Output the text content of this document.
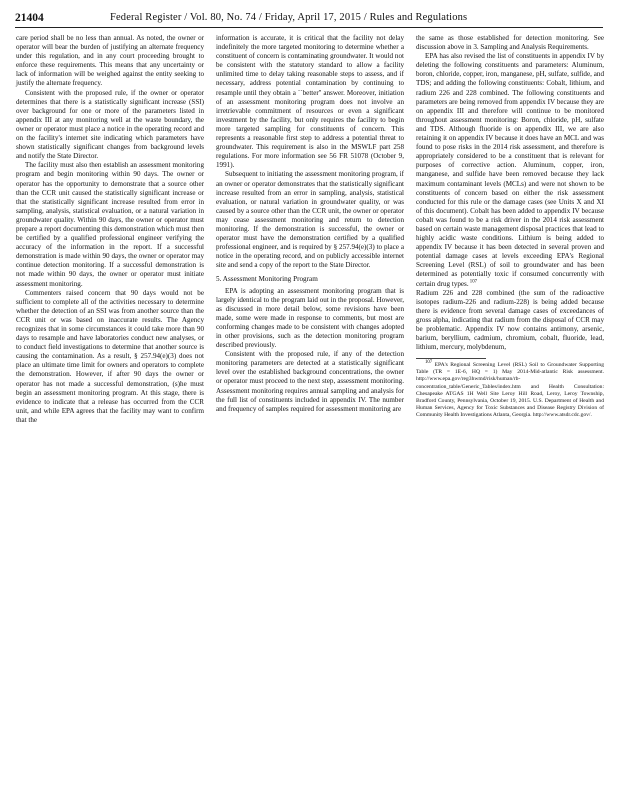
21404	Federal Register / Vol. 80, No. 74 / Friday, April 17, 2015 / Rules and Regulations

care period shall be no less than annual. As noted, the owner or operator will bear the burden of justifying an alternate frequency under this regulation, and in any court proceeding brought to enforce these requirements. This means that any uncertainty or lack of information will be weighed against the entity seeking to justify the alternate frequency.

Consistent with the proposed rule, if the owner or operator determines that there is a statistically significant increase (SSI) over background for one or more of the parameters listed in appendix III at any monitoring well at the waste boundary, the owner or operator must place a notice in the operating record and on the facility's internet site indicating which parameters have shown statistically significant changes from background levels and notify the State Director.

The facility must also then establish an assessment monitoring program and begin monitoring within 90 days. The owner or operator has the opportunity to demonstrate that a source other than the CCR unit caused the statistically significant increase or that the statistically significant increase resulted from error in sampling, analysis, statistical evaluation, or a natural variation in groundwater quality. Within 90 days, the owner or operator must prepare a report documenting this demonstration which must then be certified by a qualified professional engineer verifying the accuracy of the information in the report. If a successful demonstration is made within 90 days, the owner or operator may continue detection monitoring. If a successful demonstration is not made within 90 days, the owner or operator must initiate assessment monitoring.

Commenters raised concern that 90 days would not be sufficient to complete all of the activities necessary to determine whether the detection of an SSI was from another source than the CCR unit or was based on inaccurate results. The Agency recognizes that in some circumstances it could take more than 90 days to resample and have laboratories conduct new analyses, or to conduct field investigations to determine that another source is causing the contamination. As a result, § 257.94(e)(3) does not place an ultimate time limit for owners and operators to complete the demonstration. However, if after 90 days the owner or operator has not made a successful demonstration, (s)he must begin an assessment monitoring program. At this stage, there is evidence to indicate that a release has occurred from the CCR unit, and while EPA agrees that the facility may want to confirm that the

information is accurate, it is critical that the facility not delay indefinitely the more targeted monitoring to determine whether a constituent of concern is contaminating groundwater. It would not be consistent with the statutory standard to allow a facility unlimited time to delay taking reasonable steps to assess, and if necessary, address potential contamination by continuing to resample until they obtain a ``better'' answer. Moreover, initiation of an assessment monitoring program does not involve an irretrievable commitment of resources or even a significant investment by the facility, but only requires the facility to begin more targeted sampling for constituents of concern. This represents a reasonable first step to address a potential threat to groundwater. This requirement is also in the MSWLF part 258 regulations. For more information see 56 FR 51078 (October 9, 1991).

Subsequent to initiating the assessment monitoring program, if an owner or operator demonstrates that the statistically significant increase resulted from an error in sampling, analysis, statistical evaluation, or natural variation in groundwater quality, or was caused by a source other than the CCR unit, the owner or operator may cease assessment monitoring and return to detection monitoring. If the demonstration is successful, the owner or operator must have the demonstration certified by a qualified professional engineer, and is required by § 257.94(e)(3) to place a notice in the operating record, and on publicly accessible internet site and send a copy of the report to the State Director.

5. Assessment Monitoring Program

EPA is adopting an assessment monitoring program that is largely identical to the program laid out in the proposal. However, as discussed in more detail below, some revisions have been made, some were made in response to comments, but most are conforming changes made to be consistent with changes adopted in other provisions, such as the detection monitoring program described previously.

Consistent with the proposed rule, if any of the detection monitoring parameters are detected at a statistically significant level over the established background concentrations, the owner or operator must proceed to the next step, assessment monitoring. Assessment monitoring requires annual sampling and analysis for the full list of constituents included in appendix IV. The number and frequency of samples required for assessment monitoring are

the same as those established for detection monitoring. See discussion above in 3. Sampling and Analysis Requirements.

EPA has also revised the list of constituents in appendix IV by deleting the following constituents and parameters: Aluminum, boron, chloride, copper, iron, manganese, pH, sulfate, sulfide, and TDS; and adding the following constituents: Cobalt, lithium, and radium 226 and 228 combined. The following constituents and parameters are being removed from appendix IV because they are on appendix III and therefore will continue to be monitored throughout assessment monitoring: Boron, chloride, pH, sulfate and TDS. Although fluoride is on appendix III, we are also retaining it on appendix IV because it does have an MCL and was found to pose risks in the 2014 risk assessment, and therefore is appropriately considered to be a constituent that is relevant for purposes of corrective action. Aluminum, copper, iron, manganese, and sulfide have been removed because they lack maximum contaminant levels (MCLs) and were not shown to be constituents of concern based on either the risk assessment conducted for this rule or the damage cases (see Units X and XI of this document). Cobalt has been added to appendix IV because cobalt was found to be a risk driver in the 2014 risk assessment based on certain waste management disposal practices that lead to highly acidic waste conditions. Lithium is being added to appendix IV because it has been detected in several proven and potential damage cases at levels exceeding EPA's Regional Screening Level (RSL) of soil to groundwater and has been determined as potentially toxic if consumed concurrently with certain drug types. $^{107}$

Radium 226 and 228 combined (the sum of the radioactive isotopes radium-226 and radium-228) is being added because there is evidence from several damage cases of exceedances of gross alpha, indicating that radium from the disposal of CCR may be problematic. Appendix IV now contains antimony, arsenic, barium, beryllium, cadmium, chromium, cobalt, fluoride, lead, lithium, mercury, molybdenum,

$^{107}$ EPA's Regional Screening Level (RSL) Soil to Groundwater Supporting Table (TR = 1E-6, HQ = 1) May 2014-Mid-atlantic Risk assessment. http://www.epa.gov/reg3hwmd/risk/human/rb-concentration_table/Generic_Tables/index.htm and Health Consultation: Chesapeake ATGAS 1H Well Site Leroy Hill Road, Leroy, Leroy Township, Bradford County, Pennsylvania, October 19, 2015. U.S. Department of Health and Human Services, Agency for Toxic Substances and Disease Registry Division of Community Health Investigations Atlanta, Georgia. http://www.atsdr.cdc.gov/.
